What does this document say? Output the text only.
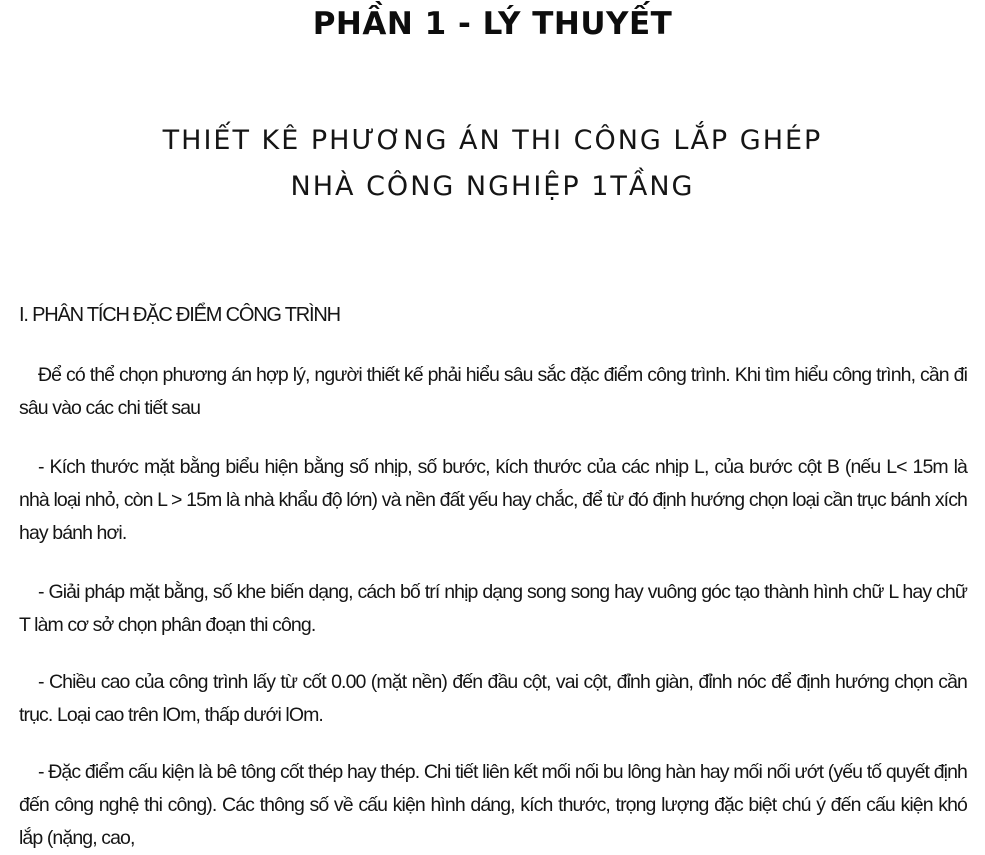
PHẦN 1 - LÝ THUYẾT
THIẾT KÊ PHƯƠNG ÁN THI CÔNG LẮP GHÉP
NHÀ CÔNG NGHIỆP 1TẦNG
I. PHÂN TÍCH ĐẶC ĐIỂM CÔNG TRÌNH

Để có thể chọn phương án hợp lý, người thiết kế phải hiểu sâu sắc đặc điểm công trình. Khi tìm hiểu công trình, cần đi sâu vào các chi tiết sau

- Kích thước mặt bằng biểu hiện bằng số nhịp, số bước, kích thước của các nhịp L, của bước cột B (nếu L< 15m là nhà loại nhỏ, còn L > 15m là nhà khẩu độ lớn) và nền đất yếu hay chắc, để từ đó định hướng chọn loại cần trục bánh xích hay bánh hơi.

- Giải pháp mặt bằng, số khe biến dạng, cách bố trí nhịp dạng song song hay vuông góc tạo thành hình chữ L hay chữ T làm cơ sở chọn phân đoạn thi công.

- Chiều cao của công trình lấy từ cốt 0.00 (mặt nền) đến đầu cột, vai cột, đỉnh giàn, đỉnh nóc để định hướng chọn cần trục. Loại cao trên lOm, thấp dưới lOm.

- Đặc điểm cấu kiện là bê tông cốt thép hay thép. Chi tiết liên kết mối nối bu lông hàn hay mối nối ướt (yếu tố quyết định đến công nghệ thi công). Các thông số về cấu kiện hình dáng, kích thước, trọng lượng đặc biệt chú ý đến cấu kiện khó lắp (nặng, cao,
